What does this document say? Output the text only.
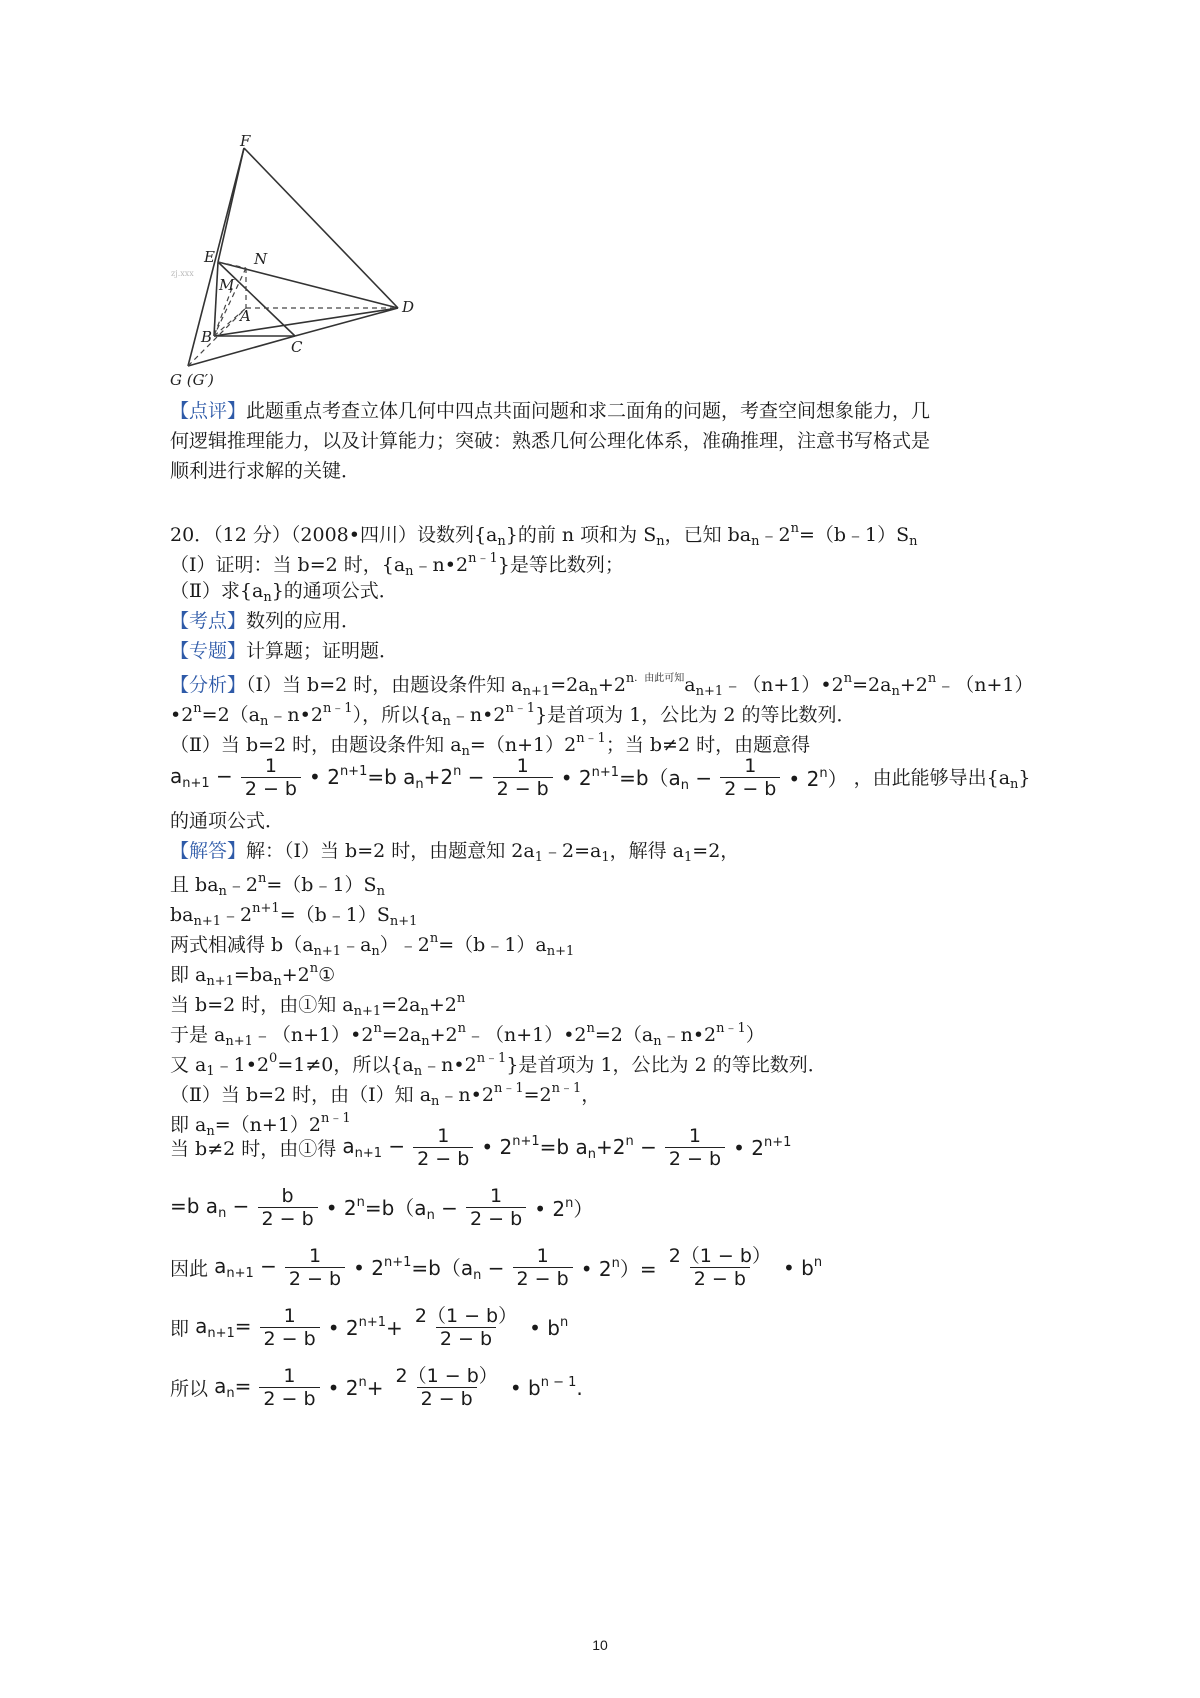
F
E	N
M
A	D
B
C
G (G′)
zj.xxx
【点评】此题重点考查立体几何中四点共面问题和求二面角的问题，考查空间想象能力，几
何逻辑推理能力，以及计算能力；突破：熟悉几何公理化体系，准确推理，注意书写格式是
顺利进行求解的关键．
20．（12 分）（2008•四川）设数列$\{a_n\}$的前 n 项和为 $S_n$，已知 $ba_n﹣2^n=(b﹣1)S_n$
（Ⅰ）证明：当 b=2 时，$\{a_n﹣n•2^{n﹣1}\}$是等比数列；
（Ⅱ）求$\{a_n\}$的通项公式．
【考点】数列的应用．
【专题】计算题；证明题．
【分析】（Ⅰ）当 b=2 时，由题设条件知 $a_{n+1}=2a_n+2^{n.由此可知}a_{n+1}﹣(n+1)•2^n=2a_n+2^n﹣(n+1)$
$•2^n=2(a_n﹣n•2^{n﹣1})$，所以$\{a_n﹣n•2^{n﹣1}\}$是首项为 1，公比为 2 的等比数列．
（Ⅱ）当 b=2 时，由题设条件知 $a_n=(n+1)2^{n﹣1}$；当 b≠2 时，由题意得
$a_{n+1} - \frac{1}{2 - b}$ • $2^{n+1}=b$ $a_n+2^n - \frac{1}{2 - b}$ • $2^{n+1}=b(a_n - \frac{1}{2 - b}$ • 2$^n$） ，由此能够导出$\{a_n\}$
的通项公式．
【解答】解：（Ⅰ）当 b=2 时，由题意知 $2a_1﹣2=a_1$，解得 $a_1=2$，
且 $ba_n﹣2^n=(b﹣1)S_n$
$ba_{n+1}﹣2^{n+1}=(b﹣1)S_{n+1}$
两式相减得 $b(a_{n+1}﹣a_n)﹣2^n=(b﹣1)a_{n+1}$
即 $a_{n+1}=ba_n+2^n①$
当 b=2 时，由①知 $a_{n+1}=2a_n+2^n$
于是 $a_{n+1}﹣(n+1)•2^n=2a_n+2^n﹣(n+1)•2^n=2(a_n﹣n•2^{n﹣1})$
又 $a_1﹣1•2^0=1\ne 0$，所以$\{a_n﹣n•2^{n﹣1}\}$是首项为 1，公比为 2 的等比数列．
（Ⅱ）当 b=2 时，由（Ⅰ）知 $a_n﹣n•2^{n﹣1}=2^{n﹣1}$，
即 $a_n=(n+1)2^{n﹣1}$
当 b≠2 时，由①得 $a_{n+1} - \frac{1}{2 - b}$ • $2^{n+1}=b$ $a_n+2^n - \frac{1}{2 - b}$ • $2^{n+1}$
=b $a_n - \frac{b}{2 - b}$ • $2^n=b(a_n - \frac{1}{2 - b}$ • 2$^n$）
因此 $a_{n+1} - \frac{1}{2 - b}$ • $2^{n+1}=b(a_n - \frac{1}{2 - b}$ • $2^n)= \frac{2(1 - b)}{2 - b}$ • $b^n$
即 $a_{n+1}= \frac{1}{2 - b}$ • $2^{n+1}+ \frac{2(1 - b)}{2 - b}$ • $b^n$
所以 $a_n= \frac{1}{2 - b}$ • $2^n+ \frac{2(1 - b)}{2 - b}$ • $b^{n - 1}$.
10
